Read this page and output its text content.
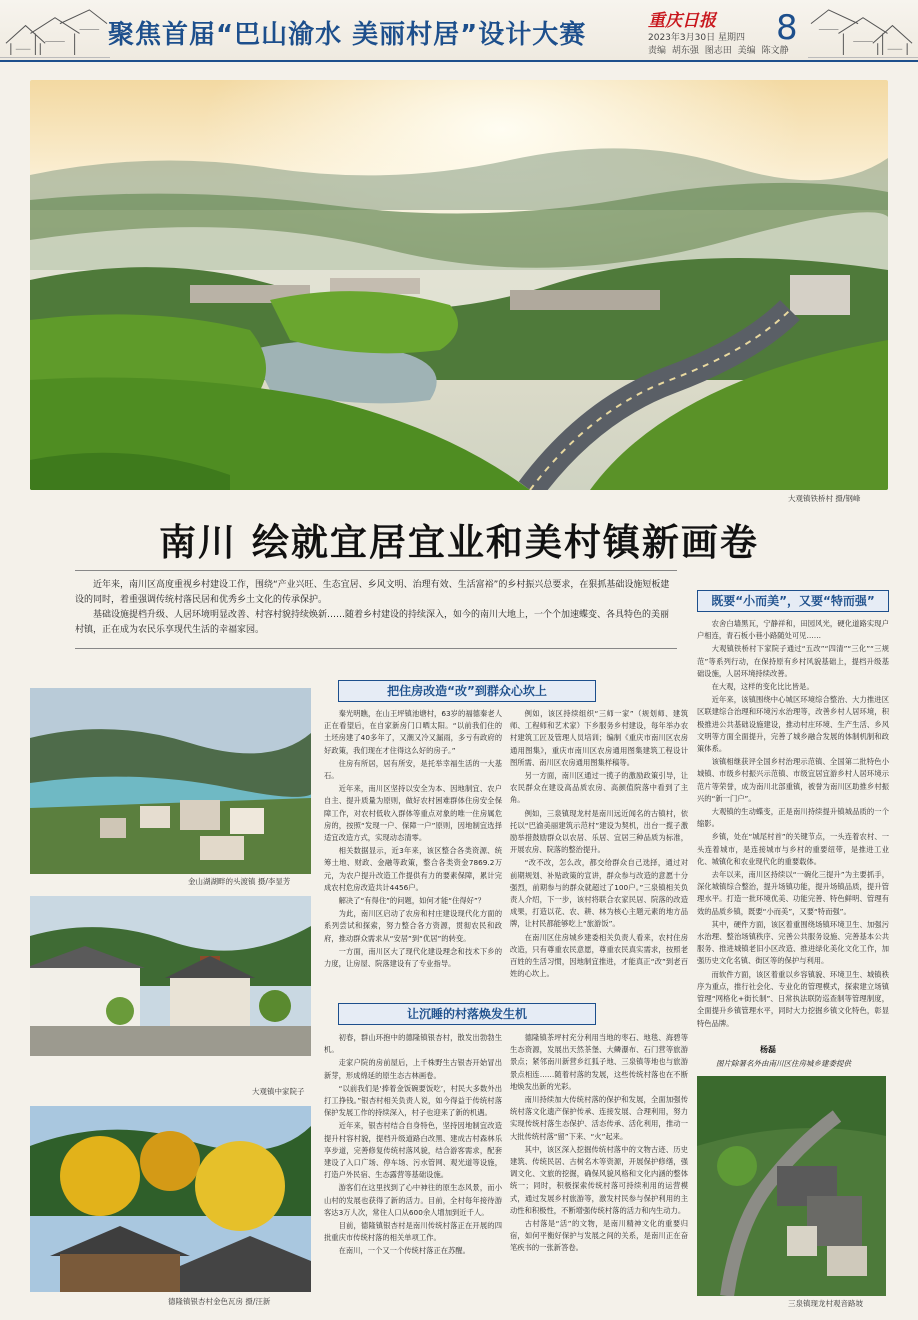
聚焦首届“巴山渝水 美丽村居”设计大赛	重庆日报
2023年3月30日 星期四
责编 胡东强 图志田 美编 陈文静
8
大观镇铁桥村 摄/钢峰
南川 绘就宜居宜业和美村镇新画卷

近年来，南川区高度重视乡村建设工作，围绕“产业兴旺、生态宜居、乡风文明、治理有效、生活富裕”的乡村振兴总要求，在狠抓基础设施短板建设的同时，着重强调传统村落民居和优秀乡土文化的传承保护。

基础设施提档升级、人居环境明显改善、村容村貌持续焕新……随着乡村建设的持续深入，如今的南川大地上，一个个加速蝶变、各具特色的美丽村镇，正在成为农民乐享现代生活的幸福家园。

既要“小而美”，又要“特而强”
金山湖湖畔的头渡镇 摄/李显芳
大观镇中家院子
德隆镇银杏村金色瓦房 摄/汪新
把住房改造“改”到群众心坎上
让沉睡的村落焕发生机

秦光明瞧，在山王坪镇池塘村，63岁的福德秦老人正在看望后，在自家新房门口晒太阳。“以前我们住的土坯房建了40多年了，又潮又冷又漏雨，多亏有政府的好政策，我们现在才住得这么好的房子。”

住房有所居，居有所安，是托举幸福生活的一大基石。

近年来，南川区坚持以安全为本、因地制宜、农户自主、提升质量为原则，做好农村困难群体住房安全保障工作，对农村低收入群体等重点对象的唯一住房属危房的，按照“发现一户、保障一户”原则，因地制宜选择适宜改造方式，实现动态清零。

相关数据显示，近3年来，该区整合各类资源、统筹土地、财政、金融等政策，整合各类资金7869.2万元，为农户提升改造工作提供有力的要素保障，累计完成农村危房改造共计4456户。

解决了“有得住”的问题，如何才能“住得好”？

为此，南川区启动了农房和村庄建设现代化方面的系列尝试和探索，努力整合各方资源，贯彻农民和政府，推动群众需求从“安居”到“优居”的转变。

一方面，南川区大了现代化建设理念和技术下乡的力度，让房屋、院落建设有了专业指导。

例如，该区持续组织“三师一家”（规划师、建筑师、工程师和艺术家）下乡服务乡村建设，每年举办农村建筑工匠及管理人员培训；编制《重庆市南川区农房通用图集》，重庆市南川区农房通用图集建筑工程设计图所需、南川区农房通用图集样稿等。

另一方面，南川区通过一揽子的激励政策引导，让农民群众在建设高品质农房、高颜值院落中看到了主角。

例如，三泉镇现龙村是南川远近闻名的古镇村，依托以“巴渝美丽建筑示范村”建设为契机，出台一揽子激励举措鼓励群众以农居、乐居、宜居三种品质为标准，开展农房、院落的整治提升。

“改不改，怎么改，都交给群众自己选择，通过对前期规划、补贴政策的宣讲，群众参与改造的意愿十分强烈，前期参与的群众就超过了100户。”三泉镇相关负责人介绍，下一步，该村将联合农家民居、院落的改造成果，打造以花、农、耕、林为核心主题元素的地方品牌，让村民都能够吃上“旅游饭”。

在南川区住房城乡建委相关负责人看来，农村住房改造，只有尊重农民意愿，尊重农民真实需求，按照老百姓的生活习惯，因地制宜推进，才能真正“改”到老百姓的心坎上。

初春，群山环抱中的德隆镇银杏村，散发出勃勃生机。

走家户院的房前屋后，上千株野生古银杏开始冒出新芽，形成绵延的原生态古林画卷。

“以前我们是‘捧着金饭碗要饭吃’，村民大多数外出打工挣钱。”银杏村相关负责人说，如今得益于传统村落保护发展工作的持续深入，村子也迎来了新的机遇。

近年来，银杏村结合自身特色，坚持因地制宜改造提升村容村貌，提档升级道路白改黑、建成古村森林乐享步道，完善修复传统村落风貌，结合游客需求，配套建设了入口广场、停车场、污水管网、观光道等设施，打造户外民宿、生态露营等基础设施。

游客们在这里找到了心中神往的原生态风景，而小山村的发展也获得了新的活力。目前，全村每年接待游客达3万人次，常住人口从600余人增加到近千人。

目前，德隆镇银杏村是南川传统村落正在开展的四批重庆市传统村落的相关单项工作。

在南川，一个又一个传统村落正在苏醒。

德隆镇茶坪村充分利用当地的枣石、地毯、海碧等生态资源，发展出天然茶堡、大鳞瀑布、石门营等旅游景点；紧邻南川新营乡红狐子地、三泉镇等地也与旅游景点相连……随着村落的发展，这些传统村落也在不断地焕发出新的光彩。

南川持续加大传统村落的保护和发展，全面加强传统村落文化遗产保护传承、连接发展、合理利用，努力实现传统村落生态保护、活态传承、活化利用，推动一大批传统村落“留”下来、“火”起来。

其中，该区深入挖掘传统村落中的文物古迹、历史建筑、传统民居、古树名木等资源，开展保护修缮，强调文化、文旅的挖掘，确保风貌风格和文化内涵的整体统一；同时，积极探索传统村落可持续利用的运营模式，通过发展乡村旅游等，激发村民参与保护利用的主动性和积极性，不断增强传统村落的活力和内生动力。

古村落是“活”的文物，是南川精神文化的重要归宿，如何平衡好保护与发展之间的关系，是南川正在奋笔疾书的一张新答卷。

农舍白墙黑瓦，宁静祥和，田园风光，硬化道路实现户户相连，青石板小巷小路随处可见……

大观镇铁桥村下家院子通过“五改”“四清”“三化”“三规范”等系列行动，在保持原有乡村风貌基础上，提档升级基础设施，人居环境持续改善。

在大观，这样的变化比比皆是。

近年来，该镇围绕中心城区环境综合整治、大力推进区区联建综合治理和环境污水治理等，改善乡村人居环境，积极推进公共基础设施建设，推动村庄环境、生产生活、乡风文明等方面全面提升，完善了城乡融合发展的体制机制和政策体系。

该镇相继获评全国乡村治理示范镇、全国第二批特色小城镇、市级乡村振兴示范镇、市级宜居宜游乡村人居环境示范片等荣誉，成为南川北部重镇，被誉为南川区助推乡村振兴的“新一门户”。

大观镇的生动蝶变，正是南川持续提升镇城品质的一个缩影。

乡镇，处在“城尾村首”的关键节点，一头连着农村、一头连着城市，是连接城市与乡村的重要纽带，是推进工业化、城镇化和农业现代化的重要载体。

去年以来，南川区持续以“一碗化三提升”为主要抓手，深化城镇综合整治，提升场镇功能，提升场镇品质，提升管理水平。打造一批环境优美、功能完善、特色鲜明、管理有效的品质乡镇，既要“小而美”，又要“特而强”。

其中，硬件方面，该区着重围绕场镇环境卫生、加强污水治理、整治场镇秩序、完善公共服务设施、完善基本公共服务、推进城镇老旧小区改造、推进绿化美化文化工作，加强历史文化名镇、街区等的保护与利用。

而软件方面，该区着重以乡容镇貌、环境卫生、城镇秩序为重点，推行社会化、专业化的管理模式，探索建立场镇管理“网格化+街长制”、日常执法联防巡查制等管理制度，全面提升乡镇管理水平，同时大力挖掘乡镇文化特色，彰显特色品牌。

杨磊
图片除署名外由南川区住房城乡建委提供
三泉镇现龙村观音路坡
